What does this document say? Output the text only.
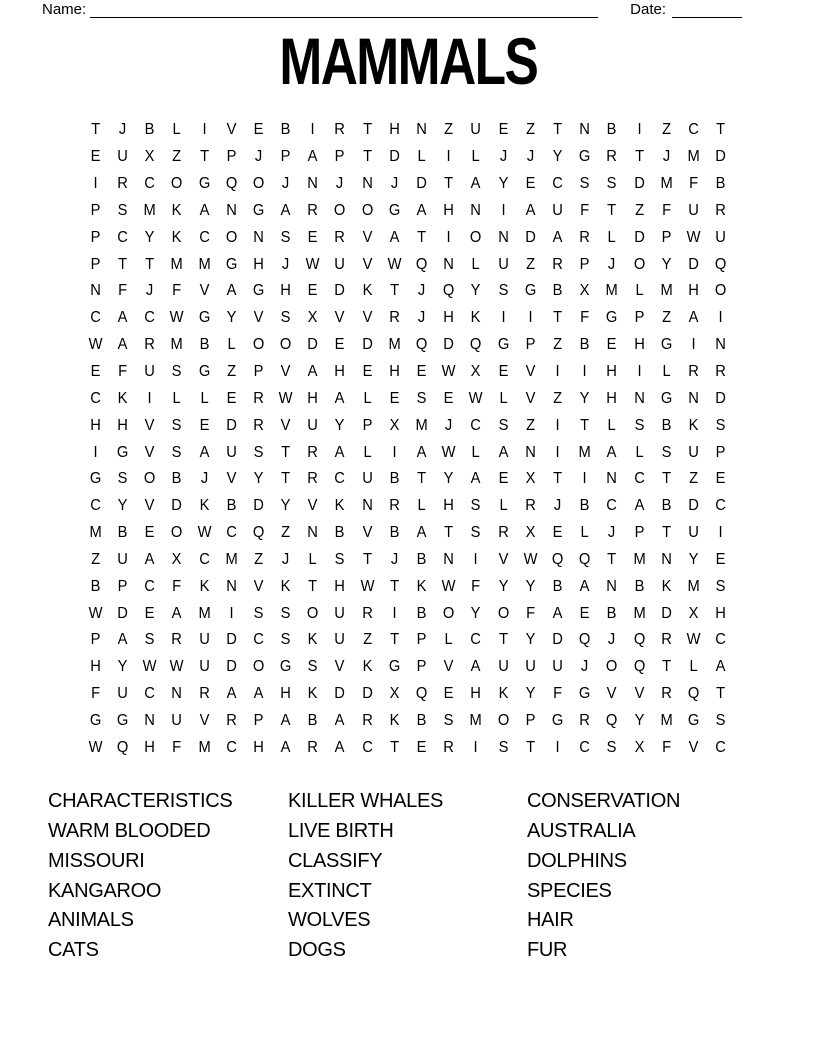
Name:	Date:
MAMMALS
T	J	B	L	I	V	E	B	I	R	T	H	N	Z	U	E	Z	T	N	B	I	Z	C	T
E	U	X	Z	T	P	J	P	A	P	T	D	L	I	L	J	J	Y	G	R	T	J	M D
I	R	C	O G Q O	J	N	J	N	J	D	T	A	Y	E	C	S	S	D M	F	B
P	S	M	K	A	N	G	A	R	O O G	A	H	N	I	A	U	F	T	Z	F	U	R
P	C	Y	K	C	O	N	S	E	R	V	A	T	I	O	N	D	A	R	L	D	P W U
P	T	T	M M G	H	J	W U	V W Q	N	L	U	Z	R	P	J	O	Y	D	Q
N	F	J	F	V	A	G	H	E	D	K	T	J	Q	Y	S	G	B	X	M	L	M H	O
C	A	C W G	Y	V	S	X	V	V	R	J	H	K	I	I	T	F	G	P	Z	A	I
W A	R M	B	L	O O	D	E	D M Q	D	Q G	P	Z	B	E	H	G	I	N
E	F	U	S	G	Z	P	V	A	H	E	H	E W X	E	V	I	I	H	I	L	R	R
C	K	I	L	L	E	R W H	A	L	E	S	E W	L	V	Z	Y	H	N	G	N	D
H	H	V	S	E	D	R	V	U	Y	P	X	M	J	C	S	Z	I	T	L	S	B	K	S
I	G	V	S	A	U	S	T	R	A	L	I	A W	L	A	N	I	M	A	L	S	U	P
G	S	O	B	J	V	Y	T	R	C	U	B	T	Y	A	E	X	T	I	N	C	T	Z	E
C	Y	V	D	K	B	D	Y	V	K	N	R	L	H	S	L	R	J	B	C	A	B	D	C
M	B	E	O W C	Q	Z	N	B	V	B	A	T	S	R	X	E	L	J	P	T	U	I
Z	U	A	X	C M	Z	J	L	S	T	J	B	N	I	V W Q Q	T	M N	Y	E
B	P	C	F	K	N	V	K	T	H W T	K W F	Y	Y	B	A	N	B	K	M	S
W D	E	A	M	I	S	S	O	U	R	I	B	O	Y	O	F	A	E	B	M D	X	H
P	A	S	R	U	D	C	S	K	U	Z	T	P	L	C	T	Y	D	Q	J	Q	R W C
H	Y W W U	D	O G	S	V	K	G	P	V	A	U	U	U	J	O Q	T	L	A
F	U	C	N	R	A	A	H	K	D	D	X	Q	E	H	K	Y	F	G	V	V	R	Q	T
G G	N	U	V	R	P	A	B	A	R	K	B	S	M O	P	G	R	Q	Y	M G	S
W Q	H	F	M C	H	A	R	A	C	T	E	R	I	S	T	I	C	S	X	F	V	C
CHARACTERISTICS
WARM BLOODED
MISSOURI
KANGAROO
ANIMALS
CATS
KILLER WHALES
LIVE BIRTH
CLASSIFY
EXTINCT
WOLVES
DOGS
CONSERVATION
AUSTRALIA
DOLPHINS
SPECIES
HAIR
FUR
